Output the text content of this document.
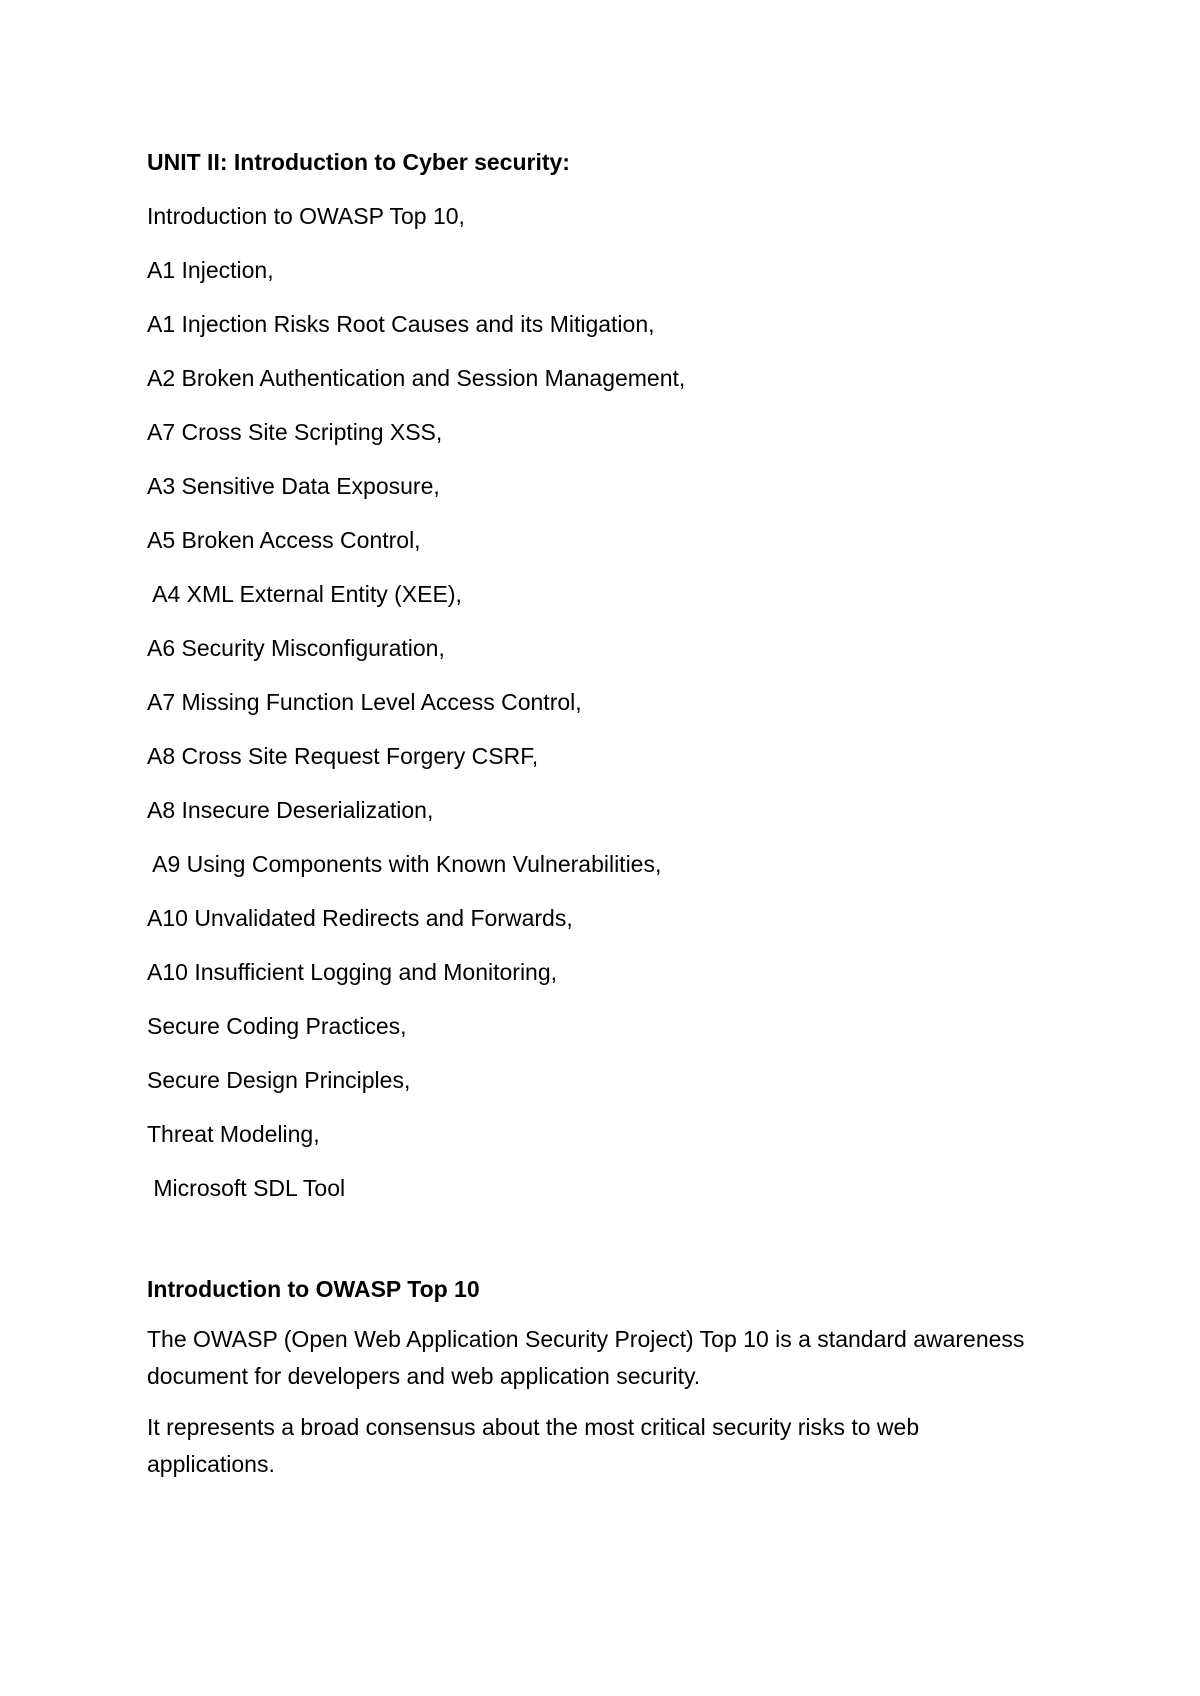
UNIT II: Introduction to Cyber security:
Introduction to OWASP Top 10,
A1 Injection,
A1 Injection Risks Root Causes and its Mitigation,
A2 Broken Authentication and Session Management,
A7 Cross Site Scripting XSS,
A3 Sensitive Data Exposure,
A5 Broken Access Control,
A4 XML External Entity (XEE),
A6 Security Misconfiguration,
A7 Missing Function Level Access Control,
A8 Cross Site Request Forgery CSRF,
A8 Insecure Deserialization,
A9 Using Components with Known Vulnerabilities,
A10 Unvalidated Redirects and Forwards,
A10 Insufficient Logging and Monitoring,
Secure Coding Practices,
Secure Design Principles,
Threat Modeling,
Microsoft SDL Tool
Introduction to OWASP Top 10

The OWASP (Open Web Application Security Project) Top 10 is a standard awareness document for developers and web application security.

It represents a broad consensus about the most critical security risks to web applications.
